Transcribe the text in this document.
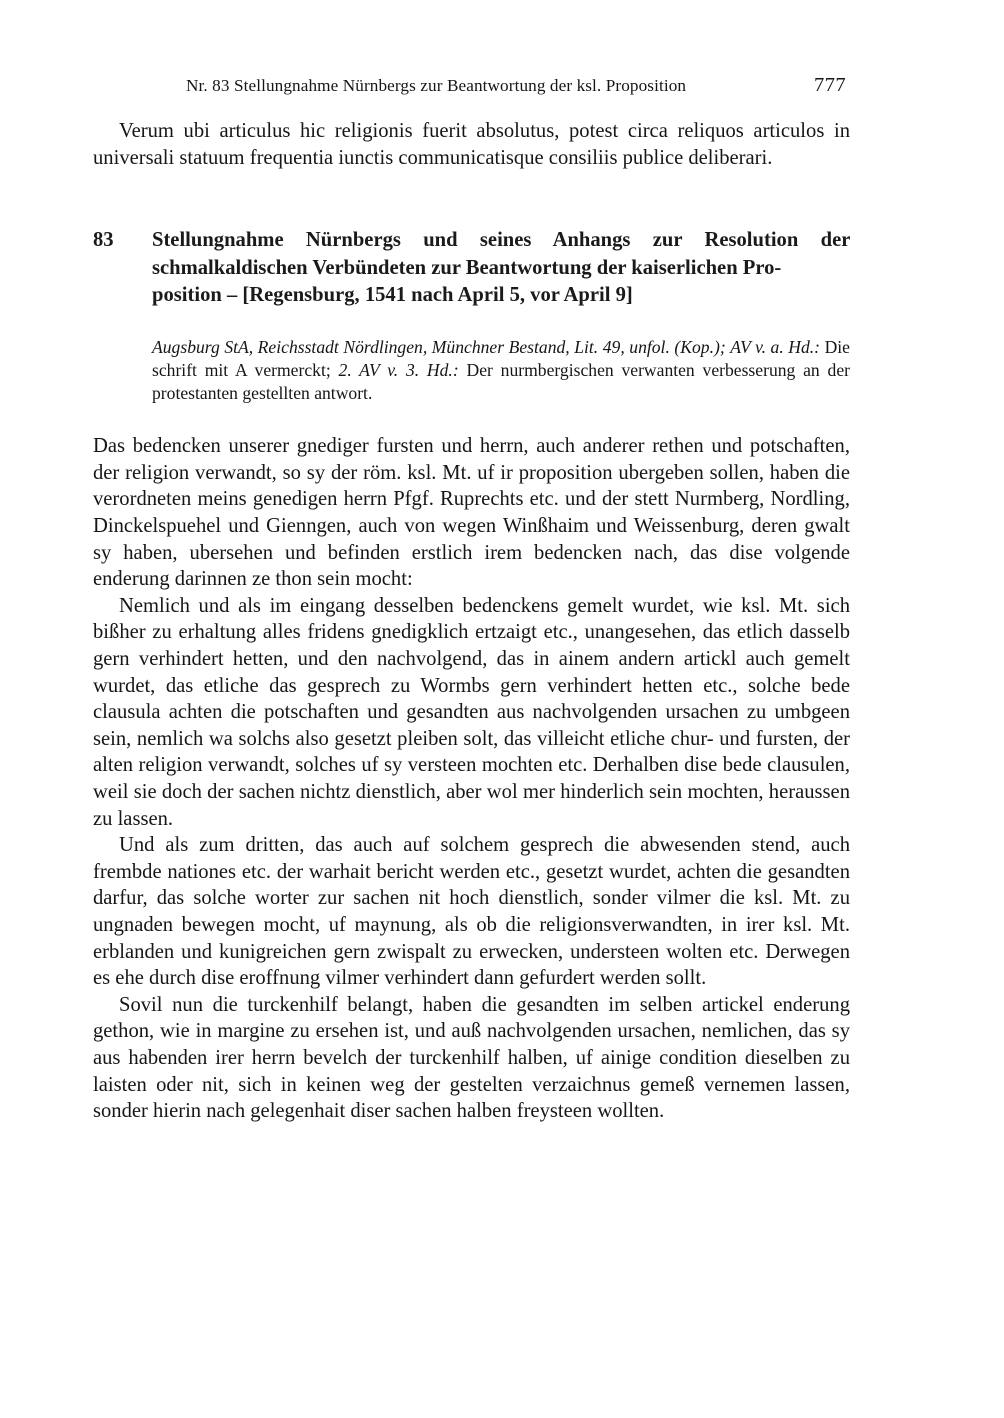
Nr. 83 Stellungnahme Nürnbergs zur Beantwortung der ksl. Proposition	777

Verum ubi articulus hic religionis fuerit absolutus, potest circa reliquos articulos in universali statuum frequentia iunctis communicatisque consiliis publice deliberari.

83	Stellungnahme Nürnbergs und seines Anhangs zur Resolution der schmalkaldischen Verbündeten zur Beantwortung der kaiserlichen Pro-
position – [Regensburg, 1541 nach April 5, vor April 9]
Augsburg StA, Reichsstadt Nördlingen, Münchner Bestand, Lit. 49, unfol. (Kop.); AV v. a. Hd.: Die schrift mit A vermerckt; 2. AV v. 3. Hd.: Der nurmbergischen verwanten verbesserung an der protestanten gestellten antwort.

Das bedencken unserer gnediger fursten und herrn, auch anderer rethen und potschaften, der religion verwandt, so sy der röm. ksl. Mt. uf ir proposition ubergeben sollen, haben die verordneten meins genedigen herrn Pfgf. Ruprechts etc. und der stett Nurmberg, Nordling, Dinckelspuehel und Gienngen, auch von wegen Winßhaim und Weissenburg, deren gwalt sy haben, ubersehen und befinden erstlich irem bedencken nach, das dise volgende enderung darinnen ze thon sein mocht:

Nemlich und als im eingang desselben bedenckens gemelt wurdet, wie ksl. Mt. sich bißher zu erhaltung alles fridens gnedigklich ertzaigt etc., unangesehen, das etlich dasselb gern verhindert hetten, und den nachvolgend, das in ainem andern artickl auch gemelt wurdet, das etliche das gesprech zu Wormbs gern verhindert hetten etc., solche bede clausula achten die potschaften und gesandten aus nachvolgenden ursachen zu umbgeen sein, nemlich wa solchs also gesetzt pleiben solt, das villeicht etliche chur- und fursten, der alten religion verwandt, solches uf sy versteen mochten etc. Derhalben dise bede clausulen, weil sie doch der sachen nichtz dienstlich, aber wol mer hinderlich sein mochten, heraussen zu lassen.

Und als zum dritten, das auch auf solchem gesprech die abwesenden stend, auch frembde nationes etc. der warhait bericht werden etc., gesetzt wurdet, achten die gesandten darfur, das solche worter zur sachen nit hoch dienstlich, sonder vilmer die ksl. Mt. zu ungnaden bewegen mocht, uf maynung, als ob die religionsverwandten, in irer ksl. Mt. erblanden und kunigreichen gern zwispalt zu erwecken, understeen wolten etc. Derwegen es ehe durch dise eroffnung vilmer verhindert dann gefurdert werden sollt.

Sovil nun die turckenhilf belangt, haben die gesandten im selben artickel enderung gethon, wie in margine zu ersehen ist, und auß nachvolgenden ursachen, nemlichen, das sy aus habenden irer herrn bevelch der turckenhilf halben, uf ainige condition dieselben zu laisten oder nit, sich in keinen weg der gestelten verzaichnus gemeß vernemen lassen, sonder hierin nach gelegenhait diser sachen halben freysteen wollten.
